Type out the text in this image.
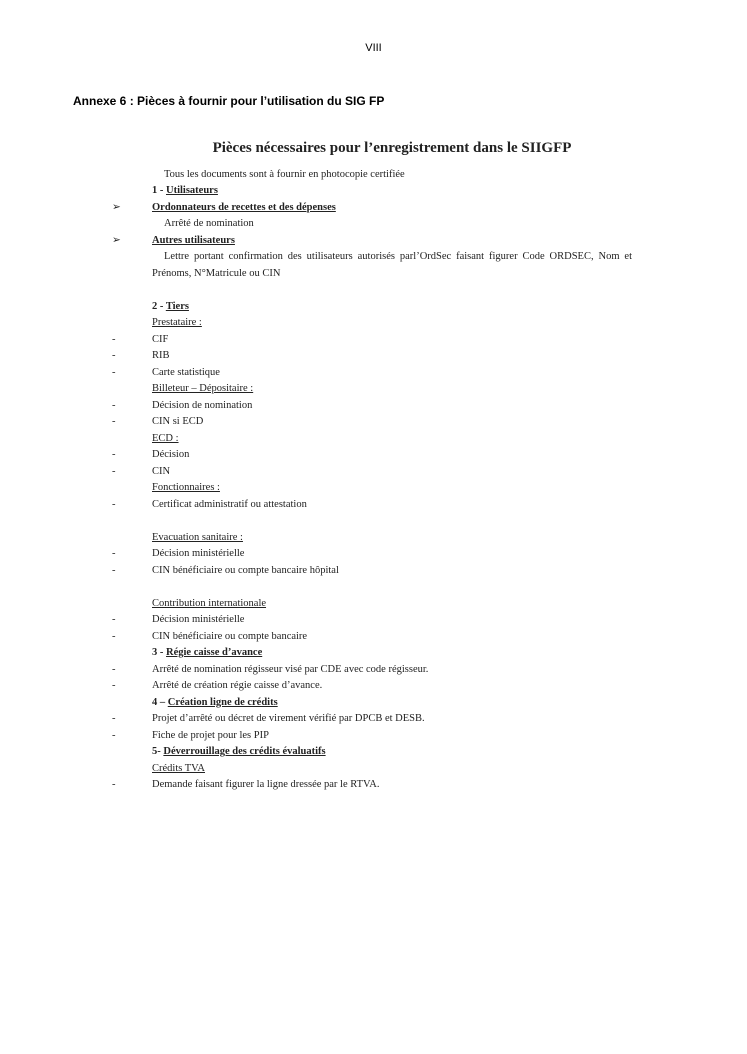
VIII
Annexe 6 : Pièces à fournir pour l’utilisation du SIG FP
Pièces nécessaires pour l’enregistrement dans le SIIGFP
Tous les documents sont à fournir en photocopie certifiée
1 - Utilisateurs
➢	Ordonnateurs de recettes et des dépenses
Arrêté de nomination
➢	Autres utilisateurs
Lettre portant confirmation des utilisateurs autorisés parl’OrdSec faisant figurer Code ORDSEC, Nom et Prénoms, N°Matricule ou CIN
2 - Tiers
Prestataire :
-	CIF
-	RIB
-	Carte statistique
Billeteur – Dépositaire :
-	Décision de nomination
-	CIN si ECD
ECD :
-	Décision
-	CIN
Fonctionnaires :
-	Certificat administratif ou attestation
Evacuation sanitaire :
-	Décision ministérielle
-	CIN bénéficiaire ou compte bancaire hôpital
Contribution internationale
-	Décision ministérielle
-	CIN bénéficiaire ou compte bancaire
3 - Régie caisse d’avance
-	Arrêté de nomination régisseur visé par CDE avec code régisseur.
-	Arrêté de création régie caisse d’avance.
4 – Création ligne de crédits
-	Projet d’arrêté ou décret de virement vérifié par DPCB et DESB.
-	Fiche de projet pour les PIP
5- Déverrouillage des crédits évaluatifs
Crédits TVA
-	Demande faisant figurer la ligne dressée par le RTVA.
